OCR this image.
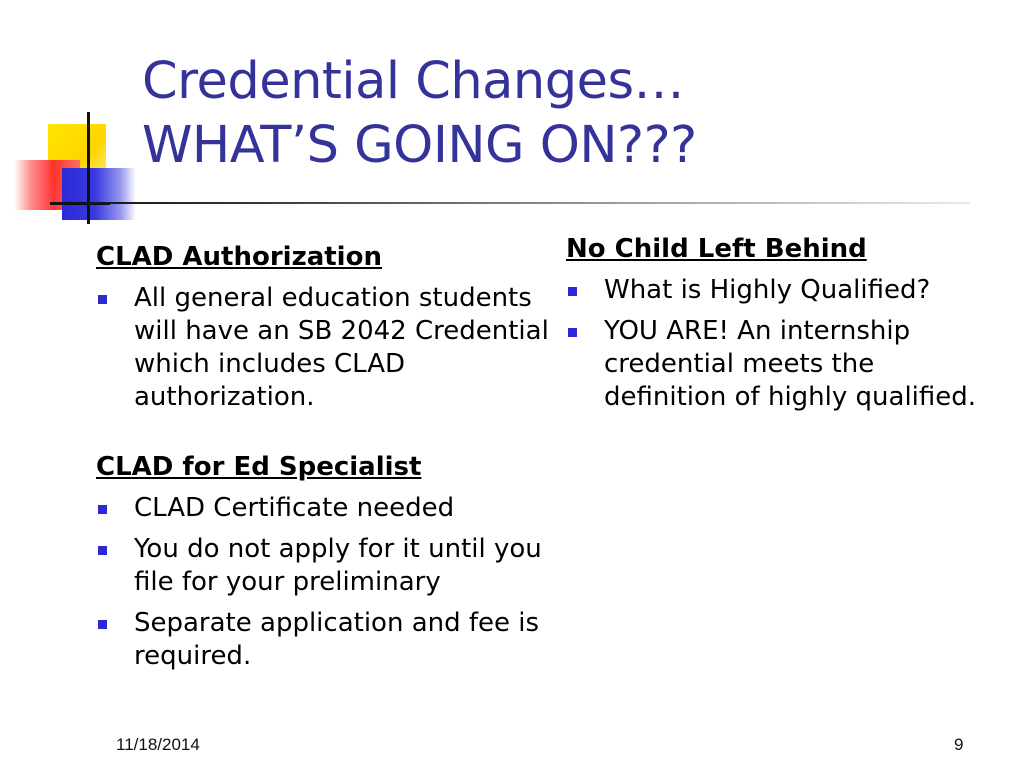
Credential Changes…
WHAT’S GOING ON???
CLAD Authorization
All general education students will have an SB 2042 Credential which includes CLAD authorization.
CLAD for Ed Specialist
CLAD Certificate needed
You do not apply for it until you file for your preliminary
Separate application and fee is required.
No Child Left Behind
What is Highly Qualified?
YOU ARE! An internship credential meets the definition of highly qualified.
11/18/2014	9
